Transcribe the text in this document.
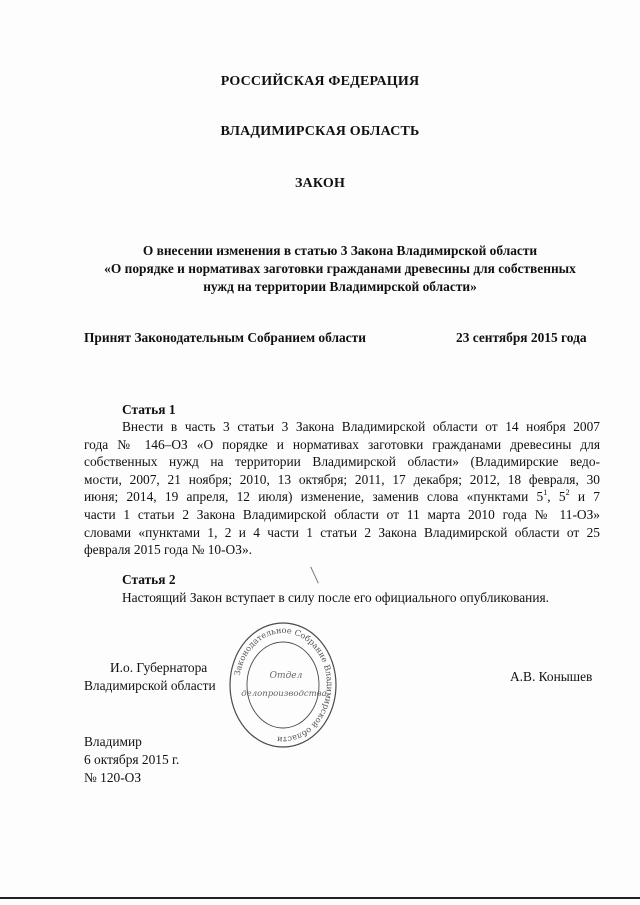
РОССИЙСКАЯ ФЕДЕРАЦИЯ
ВЛАДИМИРСКАЯ ОБЛАСТЬ
ЗАКОН
О внесении изменения в статью 3 Закона Владимирской области
«О порядке и нормативах заготовки гражданами древесины для собственных
нужд на территории Владимирской области»
Принят Законодательным Собранием области	23 сентября 2015 года
Статья 1
Внести в часть 3 статьи 3 Закона Владимирской области от 14 ноября 2007
года № 146–ОЗ «О порядке и нормативах заготовки гражданами древесины для
собственных нужд на территории Владимирской области» (Владимирские ведо-
мости, 2007, 21 ноября; 2010, 13 октября; 2011, 17 декабря; 2012, 18 февраля, 30
июня; 2014, 19 апреля, 12 июля) изменение, заменив слова «пунктами $5^1$, $5^2$ и 7
части 1 статьи 2 Закона Владимирской области от 11 марта 2010 года № 11-ОЗ»
словами «пунктами 1, 2 и 4 части 1 статьи 2 Закона Владимирской области от 25
февраля 2015 года № 10-ОЗ».
Статья 2
Настоящий Закон вступает в силу после его официального опубликования.
И.о. Губернатора
Владимирской области
А.В. Конышев
Законодательное Собрание Владимирской области
Отдел
делопроизводства
Владимир
6 октября 2015 г.
№ 120-ОЗ
